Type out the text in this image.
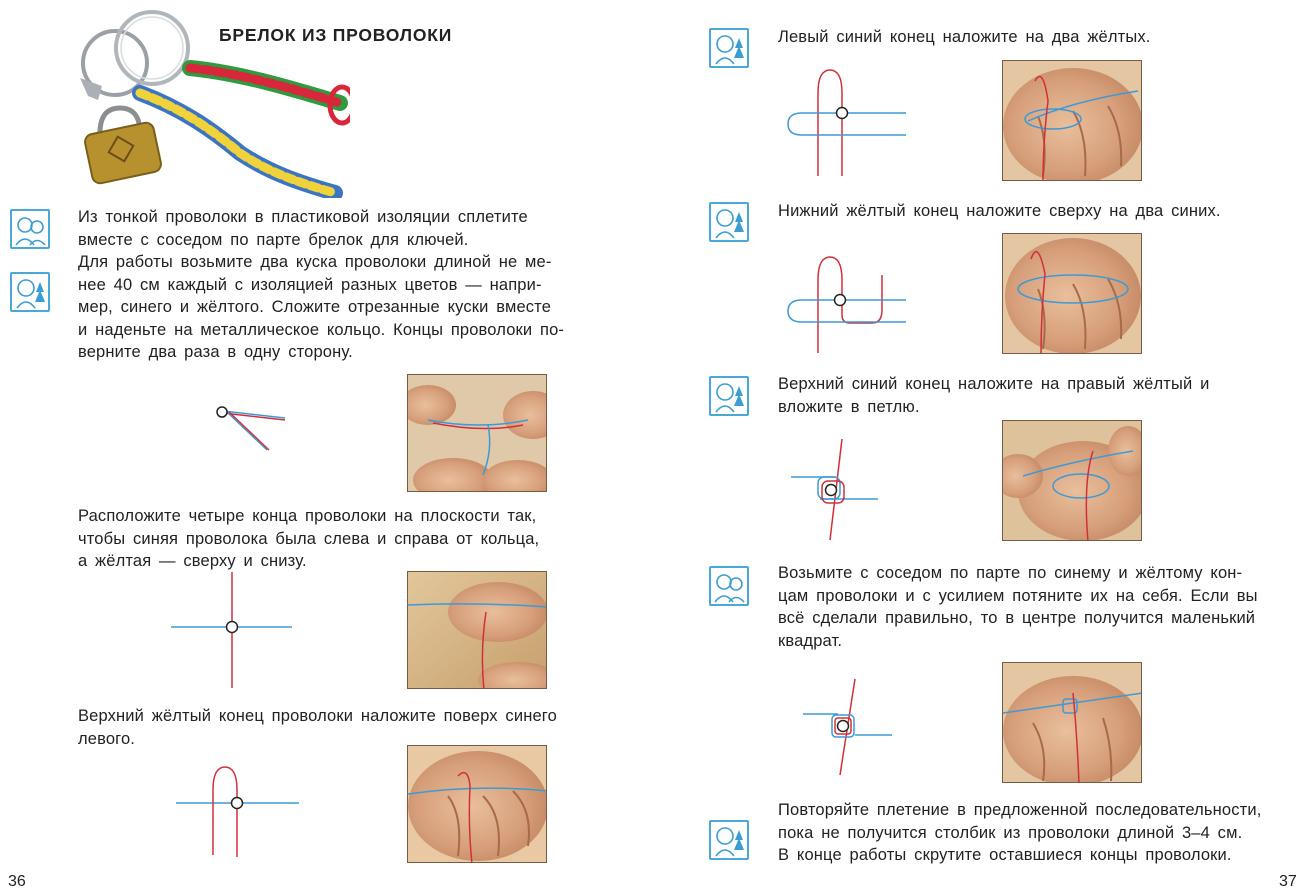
БРЕЛОК ИЗ ПРОВОЛОКИ
Из тонкой проволоки в пластиковой изоляции сплетите
вместе с соседом по парте брелок для ключей.
Для работы возьмите два куска проволоки длиной не ме-
нее 40 см каждый с изоляцией разных цветов — напри-
мер, синего и жёлтого. Сложите отрезанные куски вместе
и наденьте на металлическое кольцо. Концы проволоки по-
верните два раза в одну сторону.
Расположите четыре конца проволоки на плоскости так,
чтобы синяя проволока была слева и справа от кольца,
а жёлтая — сверху и снизу.
Верхний жёлтый конец проволоки наложите поверх синего
левого.
36
Левый синий конец наложите на два жёлтых.
Нижний жёлтый конец наложите сверху на два синих.
Верхний синий конец наложите на правый жёлтый и
вложите в петлю.
Возьмите с соседом по парте по синему и жёлтому кон-
цам проволоки и с усилием потяните их на себя. Если вы
всё сделали правильно, то в центре получится маленький
квадрат.
Повторяйте плетение в предложенной последовательности,
пока не получится столбик из проволоки длиной 3–4 см.
В конце работы скрутите оставшиеся концы проволоки.
37
